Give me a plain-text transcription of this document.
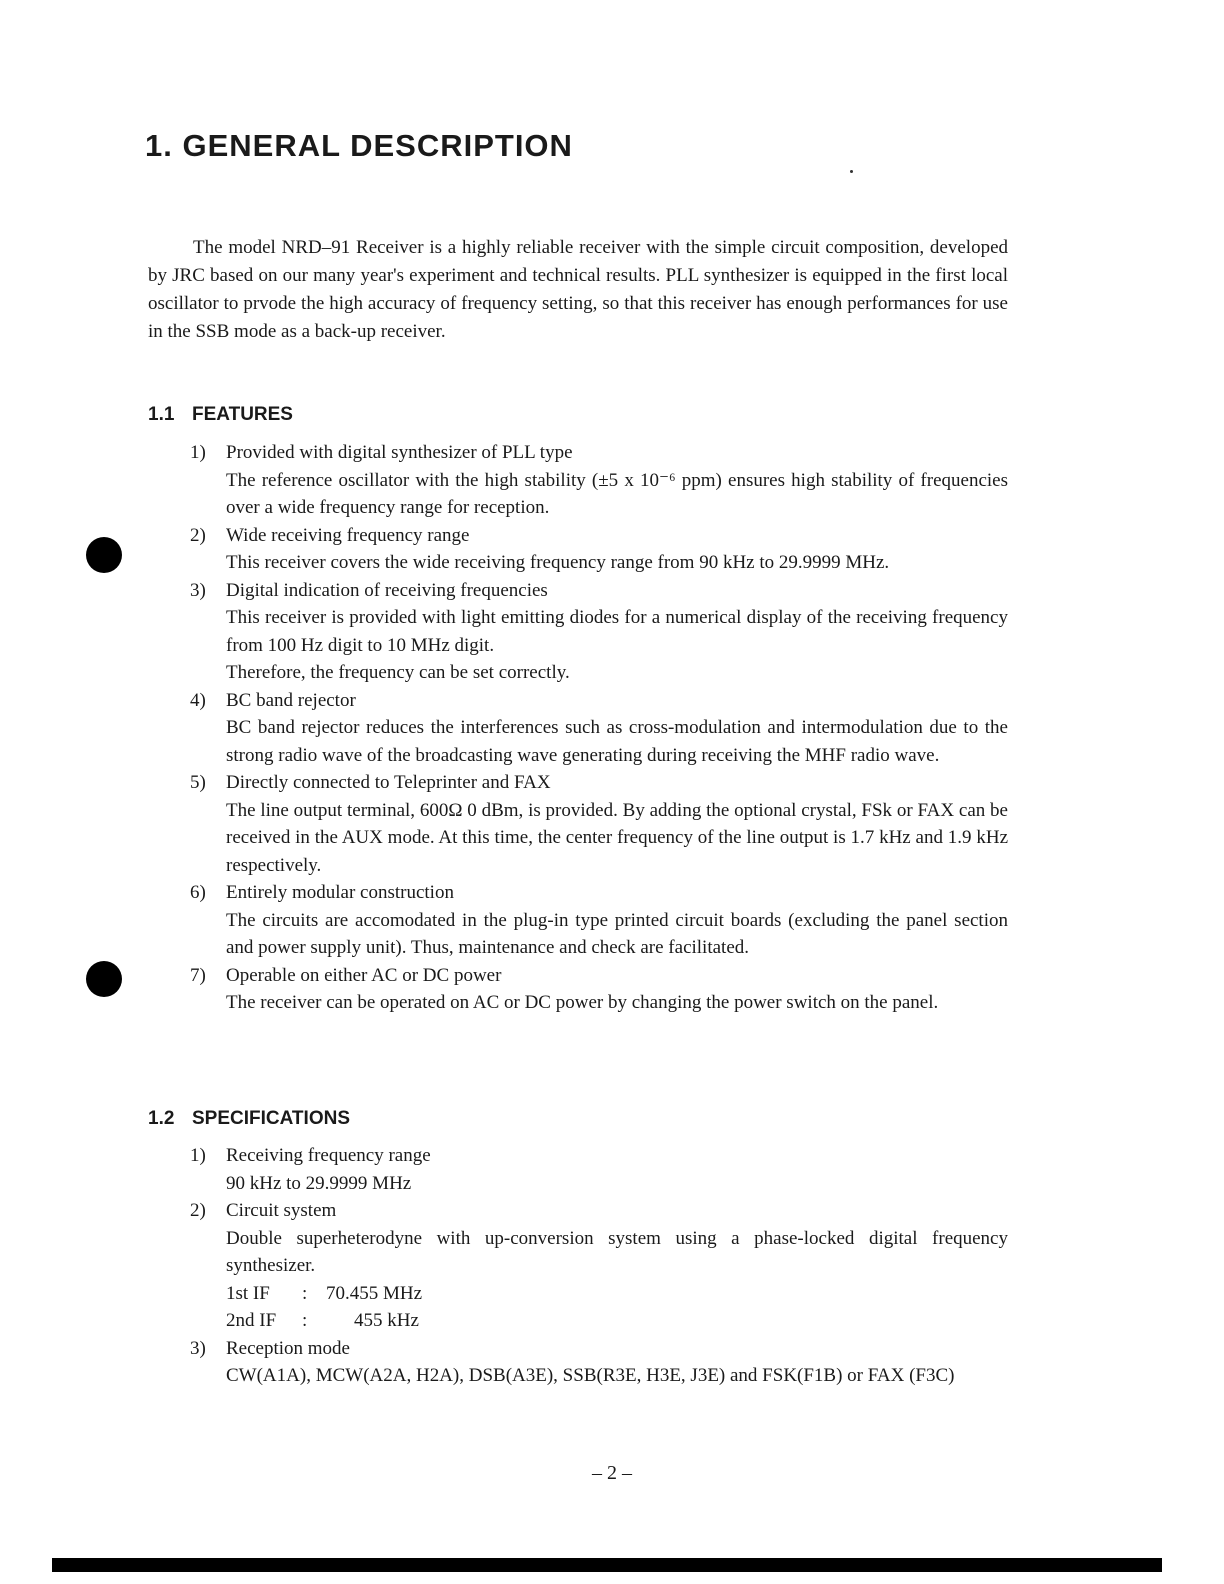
1. GENERAL DESCRIPTION

The model NRD–91 Receiver is a highly reliable receiver with the simple circuit composition, developed by JRC based on our many year's experiment and technical results. PLL synthesizer is equipped in the first local oscillator to prvode the high accuracy of frequency setting, so that this receiver has enough performances for use in the SSB mode as a back-up receiver.

1.1 FEATURES
1)	Provided with digital synthesizer of PLL type

The reference oscillator with the high stability (±5 x 10⁻⁶ ppm) ensures high stability of frequencies over a wide frequency range for reception.

2)	Wide receiving frequency range

This receiver covers the wide receiving frequency range from 90 kHz to 29.9999 MHz.

3)	Digital indication of receiving frequencies

This receiver is provided with light emitting diodes for a numerical display of the receiving frequency from 100 Hz digit to 10 MHz digit.

Therefore, the frequency can be set correctly.

4)	BC band rejector

BC band rejector reduces the interferences such as cross-modulation and intermodulation due to the strong radio wave of the broadcasting wave generating during receiving the MHF radio wave.

5)	Directly connected to Teleprinter and FAX

The line output terminal, 600Ω 0 dBm, is provided. By adding the optional crystal, FSk or FAX can be received in the AUX mode. At this time, the center frequency of the line output is 1.7 kHz and 1.9 kHz respectively.

6)	Entirely modular construction

The circuits are accomodated in the plug-in type printed circuit boards (excluding the panel section and power supply unit). Thus, maintenance and check are facilitated.

7)	Operable on either AC or DC power

The receiver can be operated on AC or DC power by changing the power switch on the panel.

1.2 SPECIFICATIONS
1)	Receiving frequency range

90 kHz to 29.9999 MHz

2)	Circuit system

Double superheterodyne with up-conversion system using a phase-locked digital frequency synthesizer.

1st IF	: 70.455 MHz
2nd IF	:	455 kHz
3)	Reception mode

CW(A1A), MCW(A2A, H2A), DSB(A3E), SSB(R3E, H3E, J3E) and FSK(F1B) or FAX (F3C)

– 2 –
